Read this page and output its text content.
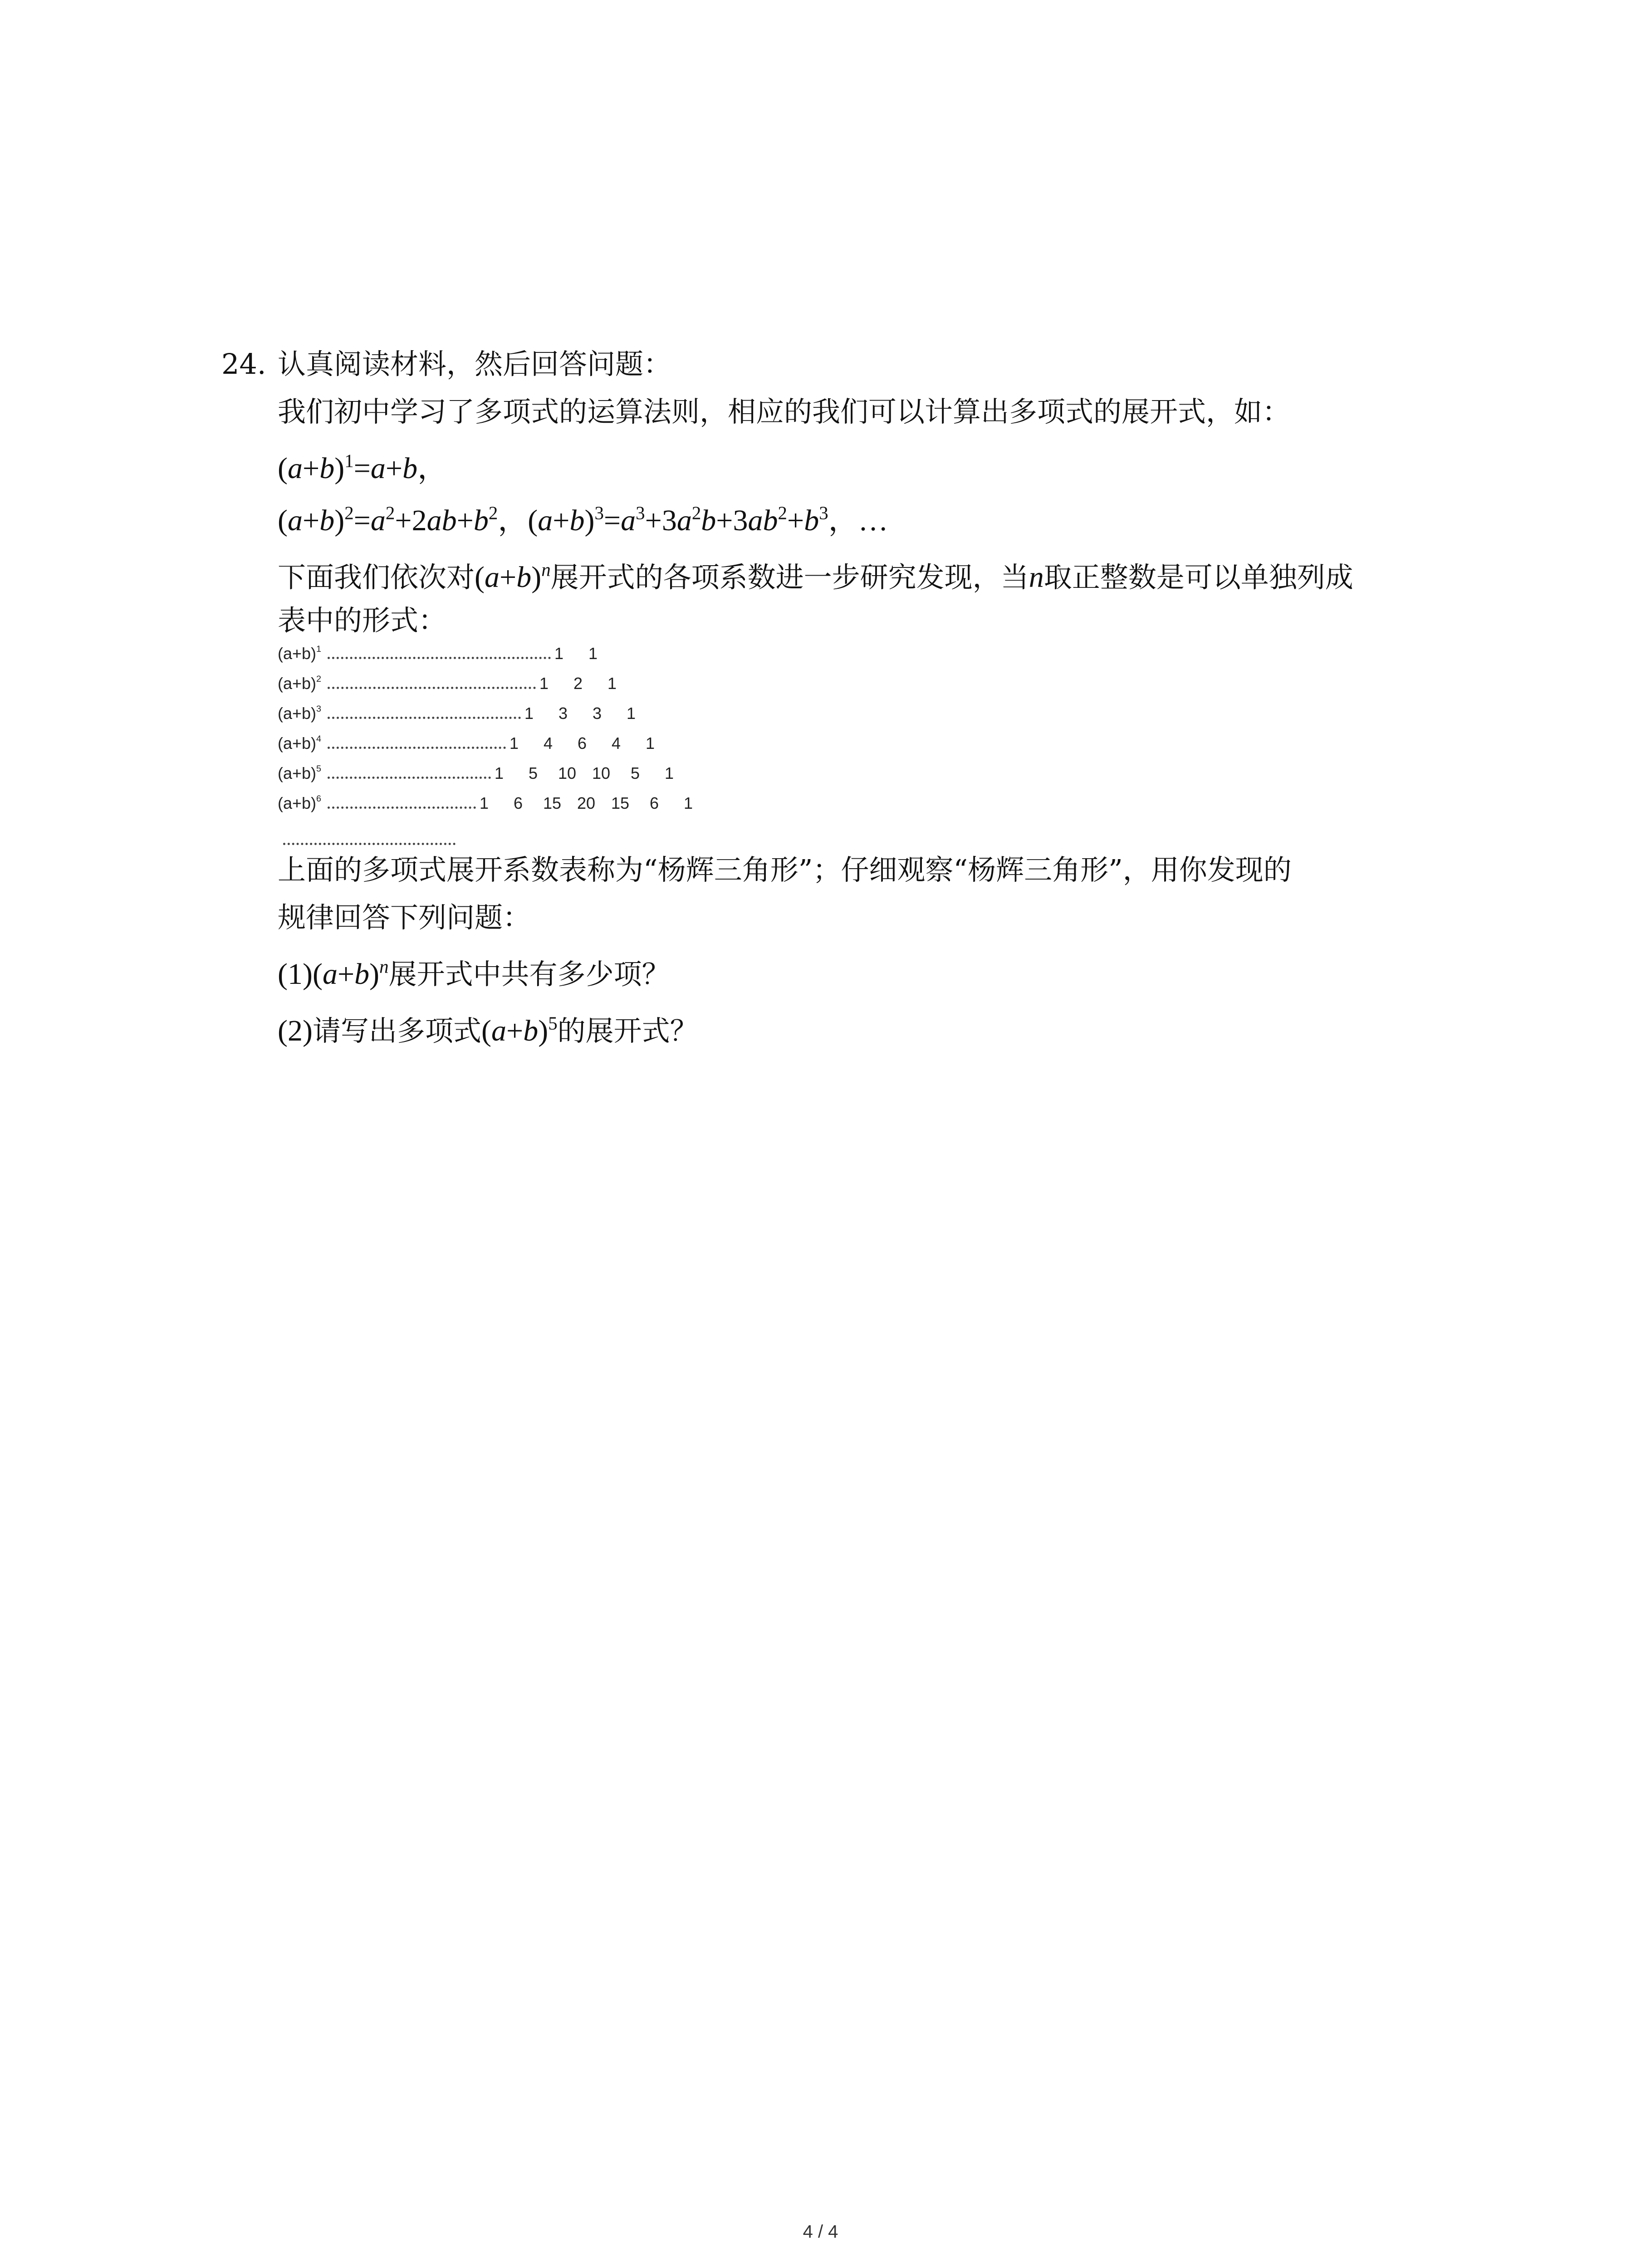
24. 认真阅读材料，然后回答问题：
我们初中学习了多项式的运算法则，相应的我们可以计算出多项式的展开式，如：
$(a+b)^1=a+b$，
$(a+b)^2=a^2+2ab+b^2$，$(a+b)^3=a^3+3a^2b+3ab^2+b^3$，…
下面我们依次对$(a+b)^n$展开式的各项系数进一步研究发现，当n取正整数是可以单独列成
表中的形式：
$(a+b)^1$	1 1
$(a+b)^2$	1 2 1
$(a+b)^3$	1 3 3 1
$(a+b)^4$	1 4 6 4 1
$(a+b)^5$	1 5 10 10 5 1
$(a+b)^6$	1 6 15 20 15 6 1
上面的多项式展开系数表称为“杨辉三角形”；仔细观察“杨辉三角形”，用你发现的
规律回答下列问题：
$(1)(a+b)^n$展开式中共有多少项？
(2)请写出多项式$(a+b)^5$的展开式？
4 / 4
